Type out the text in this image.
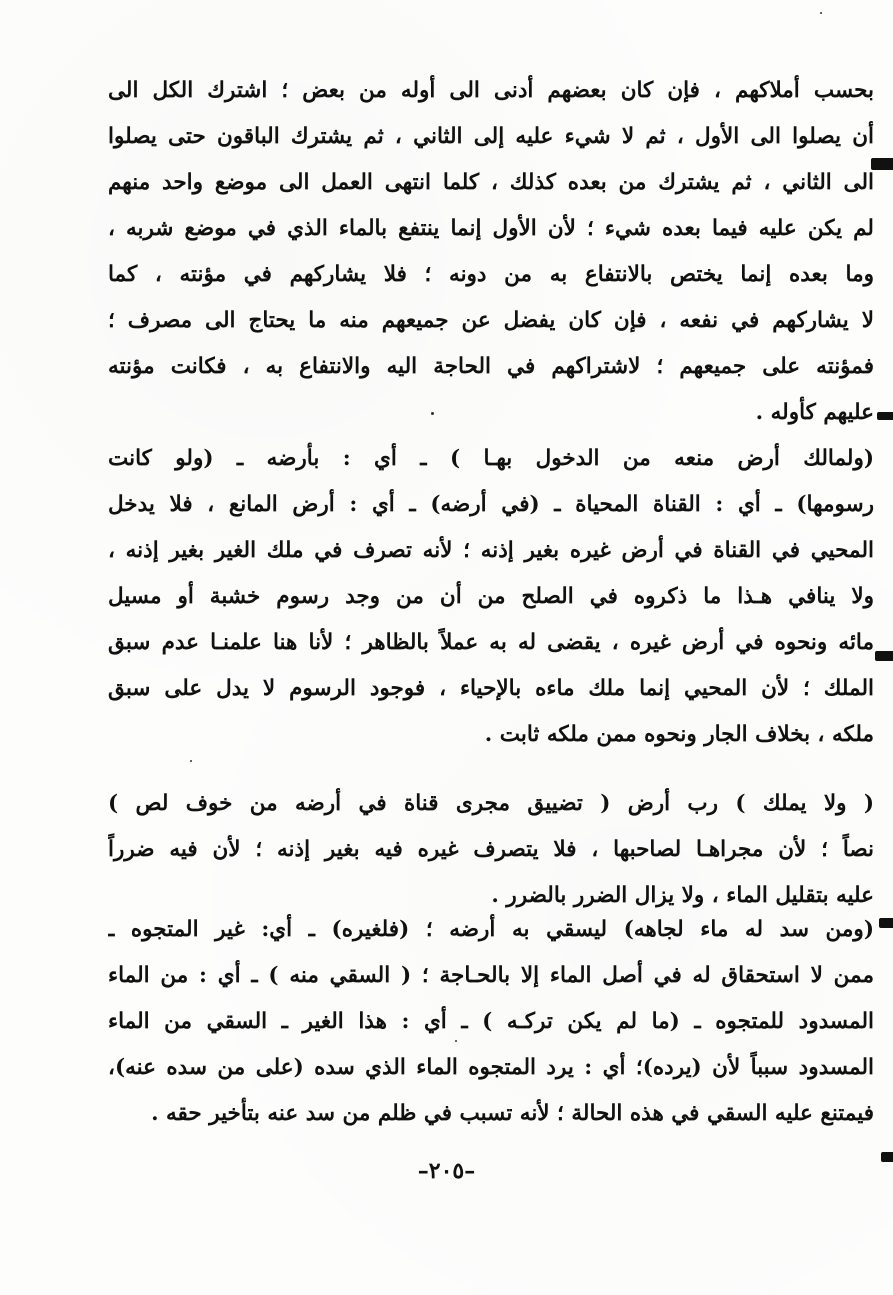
بحسب أملاكهم ، فإن كان بعضهم أدنى الى أوله من بعض ؛ اشترك الكل الى
أن يصلوا الى الأول ، ثم لا شيء عليه إلى الثاني ، ثم يشترك الباقون حتى يصلوا
الى الثاني ، ثم يشترك من بعده كذلك ، كلما انتهى العمل الى موضع واحد منهم
لم يكن عليه فيما بعده شيء ؛ لأن الأول إنما ينتفع بالماء الذي في موضع شربه ،
وما بعده إنما يختص بالانتفاع به من دونه ؛ فلا يشاركهم في مؤنته ، كما
لا يشاركهم في نفعه ، فإن كان يفضل عن جميعهم منه ما يحتاج الى مصرف ؛
فمؤنته على جميعهم ؛ لاشتراكهم في الحاجة اليه والانتفاع به ، فكانت مؤنته
عليهم كأوله .
(ولمالك أرض منعه من الدخول بهـا ) ـ أي : بأرضه ـ (ولو كانت
رسومها) ـ أي : القناة المحياة ـ (في أرضه) ـ أي : أرض المانع ، فلا يدخل
المحيي في القناة في أرض غيره بغير إذنه ؛ لأنه تصرف في ملك الغير بغير إذنه ،
ولا ينافي هـذا ما ذكروه في الصلح من أن من وجد رسوم خشبة أو مسيل
مائه ونحوه في أرض غيره ، يقضى له به عملاً بالظاهر ؛ لأنا هنا علمنـا عدم سبق
الملك ؛ لأن المحيي إنما ملك ماءه بالإحياء ، فوجود الرسوم لا يدل على سبق
ملكه ، بخلاف الجار ونحوه ممن ملكه ثابت .
( ولا يملك ) رب أرض ( تضييق مجرى قناة في أرضه من خوف لص )
نصاً ؛ لأن مجراهـا لصاحبها ، فلا يتصرف غيره فيه بغير إذنه ؛ لأن فيه ضرراً
عليه بتقليل الماء ، ولا يزال الضرر بالضرر .
(ومن سد له ماء لجاهه) ليسقي به أرضه ؛ (فلغيره) ـ أي: غير المتجوه ـ
ممن لا استحقاق له في أصل الماء إلا بالحـاجة ؛ ( السقي منه ) ـ أي : من الماء
المسدود للمتجوه ـ (ما لم يكن تركـه ) ـ أي : هذا الغير ـ السقي من الماء
المسدود سبباً لأن (يرده)؛ أي : يرد المتجوه الماء الذي سده (على من سده عنه)،
فيمتنع عليه السقي في هذه الحالة ؛ لأنه تسبب في ظلم من سد عنه بتأخير حقه .
–٢٠٥–
